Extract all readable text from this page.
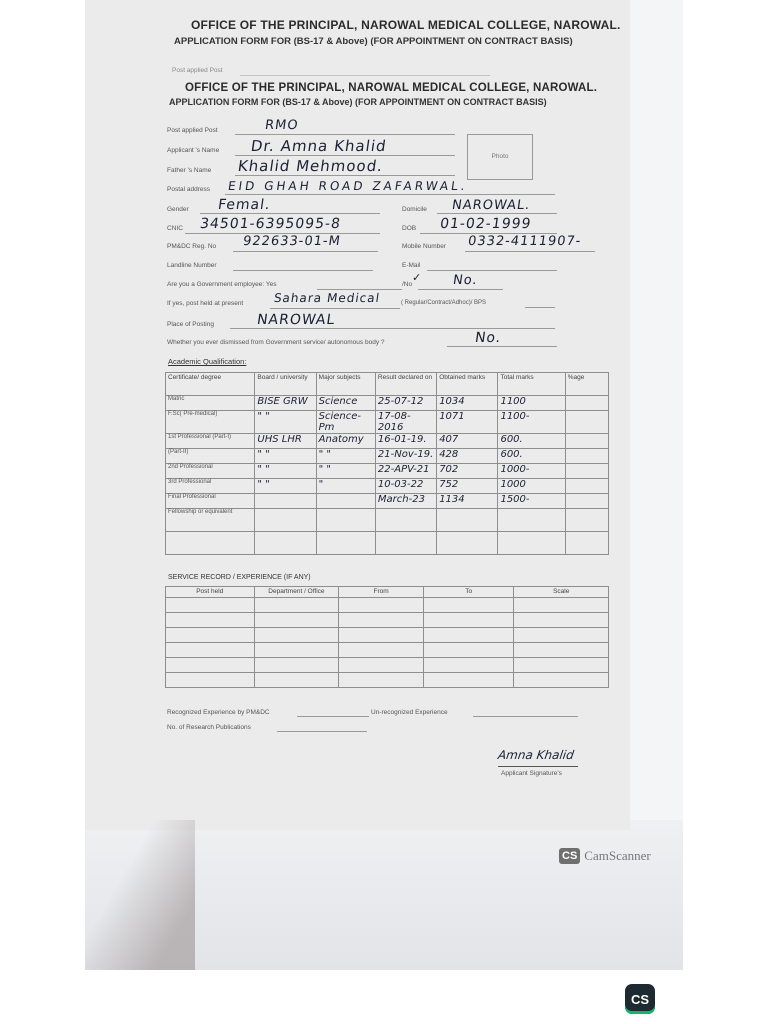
OFFICE OF THE PRINCIPAL, NAROWAL MEDICAL COLLEGE, NAROWAL.
APPLICATION FORM FOR (BS-17 & Above) (FOR APPOINTMENT ON CONTRACT BASIS)
Post applied Post
OFFICE OF THE PRINCIPAL, NAROWAL MEDICAL COLLEGE, NAROWAL.
APPLICATION FORM FOR (BS-17 & Above) (FOR APPOINTMENT ON CONTRACT BASIS)
Post applied Post	RMO
Photo
Applicant 's Name Dr. Amna Khalid
Father 's Name Khalid Mehmood.
Postal address EID GHAH ROAD ZAFARWAL.
Gender Femal.	Domicile NAROWAL.
CNIC 34501-6395095-8	DOB 01-02-1999
PM&DC Reg. No 922633-01-M	Mobile Number 0332-4111907-
Landline Number	E-Mail
Are you a Government employee: Yes	/No
✓ No.
If yes, post held at present Sahara Medical	( Regular/Contract/Adhoc)/ BPS
Place of Posting	NAROWAL
Whether you ever dismissed from Government service/ autonomous body ?	No.
Academic Qualification:
Certificate/ degree	Board / university	Major subjects	Result declared on	Obtained marks	Total marks	%age
Matric	BISE GRW	Science	25-07-12	1034	1100	
F.Sc( Pre-medical)	" "	Science-Pm	17-08-2016	1071	1100-	
1st Professional (Part-I)	UHS LHR	Anatomy	16-01-19.	407	600.	
(Part-II)	" "	" "	21-Nov-19.	428	600.	
2nd Professional	" "	" "	22-APV-21	702	1000-	
3rd Professional	" "	"	10-03-22	752	1000	
Final Professional			March-23	1134	1500-	
Fellowship or equivalent						

SERVICE RECORD / EXPERIENCE (IF ANY)
Post held	Department / Office	From	To	Scale

Recognized Experience by PM&DC	Un-recognized Experience
No. of Research Publications
Amna Khalid
Applicant Signature's
CS CamScanner
CS
